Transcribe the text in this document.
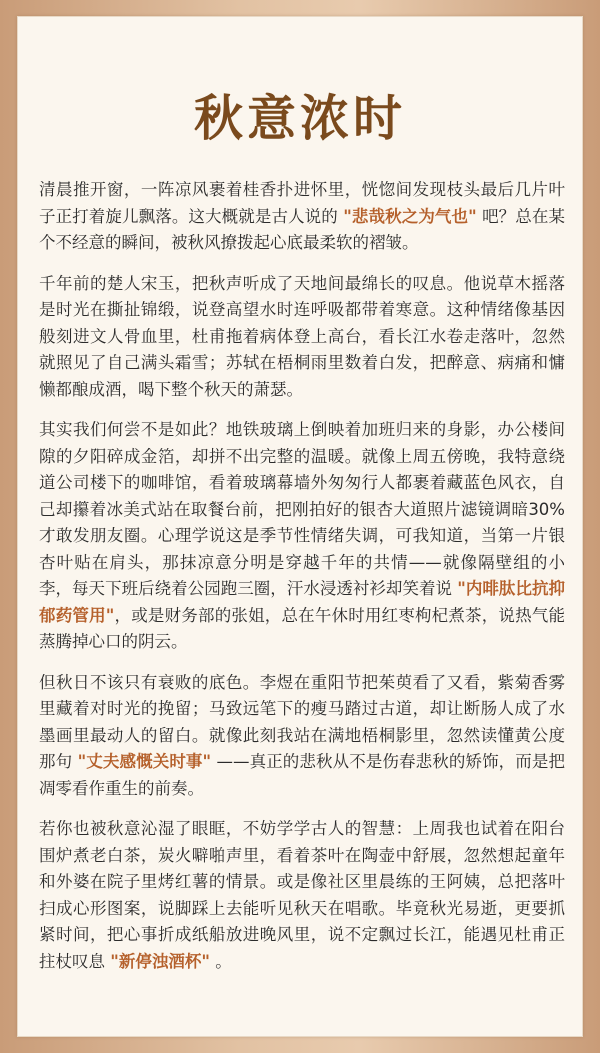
秋意浓时

清晨推开窗，一阵凉风裹着桂香扑进怀里，恍惚间发现枝头最后几片叶子正打着旋儿飘落。这大概就是古人说的 "悲哉秋之为气也" 吧？总在某个不经意的瞬间，被秋风撩拨起心底最柔软的褶皱。

千年前的楚人宋玉，把秋声听成了天地间最绵长的叹息。他说草木摇落是时光在撕扯锦缎，说登高望水时连呼吸都带着寒意。这种情绪像基因般刻进文人骨血里，杜甫拖着病体登上高台，看长江水卷走落叶，忽然就照见了自己满头霜雪；苏轼在梧桐雨里数着白发，把醉意、病痛和慵懒都酿成酒，喝下整个秋天的萧瑟。

其实我们何尝不是如此？地铁玻璃上倒映着加班归来的身影，办公楼间隙的夕阳碎成金箔，却拼不出完整的温暖。就像上周五傍晚，我特意绕道公司楼下的咖啡馆，看着玻璃幕墙外匆匆行人都裹着藏蓝色风衣，自己却攥着冰美式站在取餐台前，把刚拍好的银杏大道照片滤镜调暗30%才敢发朋友圈。心理学说这是季节性情绪失调，可我知道，当第一片银杏叶贴在肩头，那抹凉意分明是穿越千年的共情——就像隔壁组的小李，每天下班后绕着公园跑三圈，汗水浸透衬衫却笑着说 "内啡肽比抗抑郁药管用"，或是财务部的张姐，总在午休时用红枣枸杞煮茶，说热气能蒸腾掉心口的阴云。

但秋日不该只有衰败的底色。李煜在重阳节把茱萸看了又看，紫菊香雾里藏着对时光的挽留；马致远笔下的瘦马踏过古道，却让断肠人成了水墨画里最动人的留白。就像此刻我站在满地梧桐影里，忽然读懂黄公度那句 "丈夫感慨关时事" ——真正的悲秋从不是伤春悲秋的矫饰，而是把凋零看作重生的前奏。

若你也被秋意沁湿了眼眶，不妨学学古人的智慧：上周我也试着在阳台围炉煮老白茶，炭火噼啪声里，看着茶叶在陶壶中舒展，忽然想起童年和外婆在院子里烤红薯的情景。或是像社区里晨练的王阿姨，总把落叶扫成心形图案，说脚踩上去能听见秋天在唱歌。毕竟秋光易逝，更要抓紧时间，把心事折成纸船放进晚风里，说不定飘过长江，能遇见杜甫正拄杖叹息 "新停浊酒杯" 。
